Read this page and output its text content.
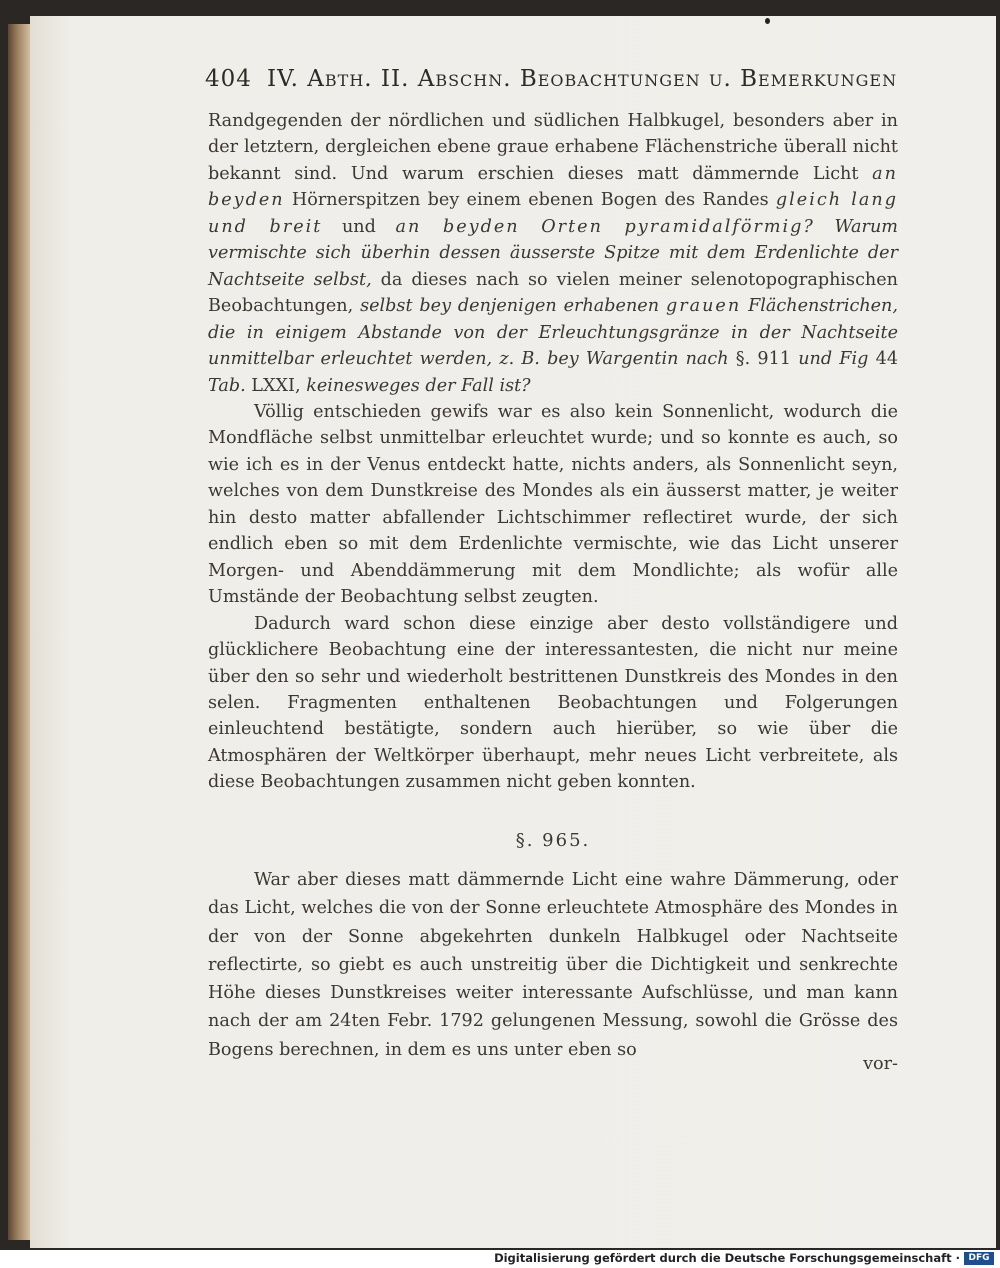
404 IV. Abth. II. Abschn. Beobachtungen u. Bemerkungen

Randgegenden der nördlichen und südlichen Halbkugel, besonders aber in der letztern, dergleichen ebene graue erhabene Flächenstriche überall nicht bekannt sind. Und warum erschien dieses matt dämmernde Licht an beyden Hörnerspitzen bey einem ebenen Bogen des Randes gleich lang und breit und an beyden Orten pyramidalförmig? Warum vermischte sich überhin dessen äusserste Spitze mit dem Erdenlichte der Nachtseite selbst, da dieses nach so vielen meiner selenotopographischen Beobachtungen, selbst bey denjenigen erhabenen grauen Flächenstrichen, die in einigem Abstande von der Erleuchtungsgränze in der Nachtseite unmittelbar erleuchtet werden, z. B. bey Wargentin nach §. 911 und Fig 44 Tab. LXXI, keinesweges der Fall ist?

Völlig entschieden gewifs war es also kein Sonnenlicht, wodurch die Mondfläche selbst unmittelbar erleuchtet wurde; und so konnte es auch, so wie ich es in der Venus entdeckt hatte, nichts anders, als Sonnenlicht seyn, welches von dem Dunstkreise des Mondes als ein äusserst matter, je weiter hin desto matter abfallender Lichtschimmer reflectiret wurde, der sich endlich eben so mit dem Erdenlichte vermischte, wie das Licht unserer Morgen- und Abenddämmerung mit dem Mondlichte; als wofür alle Umstände der Beobachtung selbst zeugten.

Dadurch ward schon diese einzige aber desto vollständigere und glücklichere Beobachtung eine der interessantesten, die nicht nur meine über den so sehr und wiederholt bestrittenen Dunstkreis des Mondes in den selen. Fragmenten enthaltenen Beobachtungen und Folgerungen einleuchtend bestätigte, sondern auch hierüber, so wie über die Atmosphären der Weltkörper überhaupt, mehr neues Licht verbreitete, als diese Beobachtungen zusammen nicht geben konnten.

§. 965.

War aber dieses matt dämmernde Licht eine wahre Dämmerung, oder das Licht, welches die von der Sonne erleuchtete Atmosphäre des Mondes in der von der Sonne abgekehrten dunkeln Halbkugel oder Nachtseite reflectirte, so giebt es auch unstreitig über die Dichtigkeit und senkrechte Höhe dieses Dunstkreises weiter interessante Aufschlüsse, und man kann nach der am 24ten Febr. 1792 gelungenen Messung, sowohl die Grösse des Bogens berechnen, in dem es uns unter eben so

vor-
Digitalisierung gefördert durch die Deutsche Forschungsgemeinschaft · DFG
